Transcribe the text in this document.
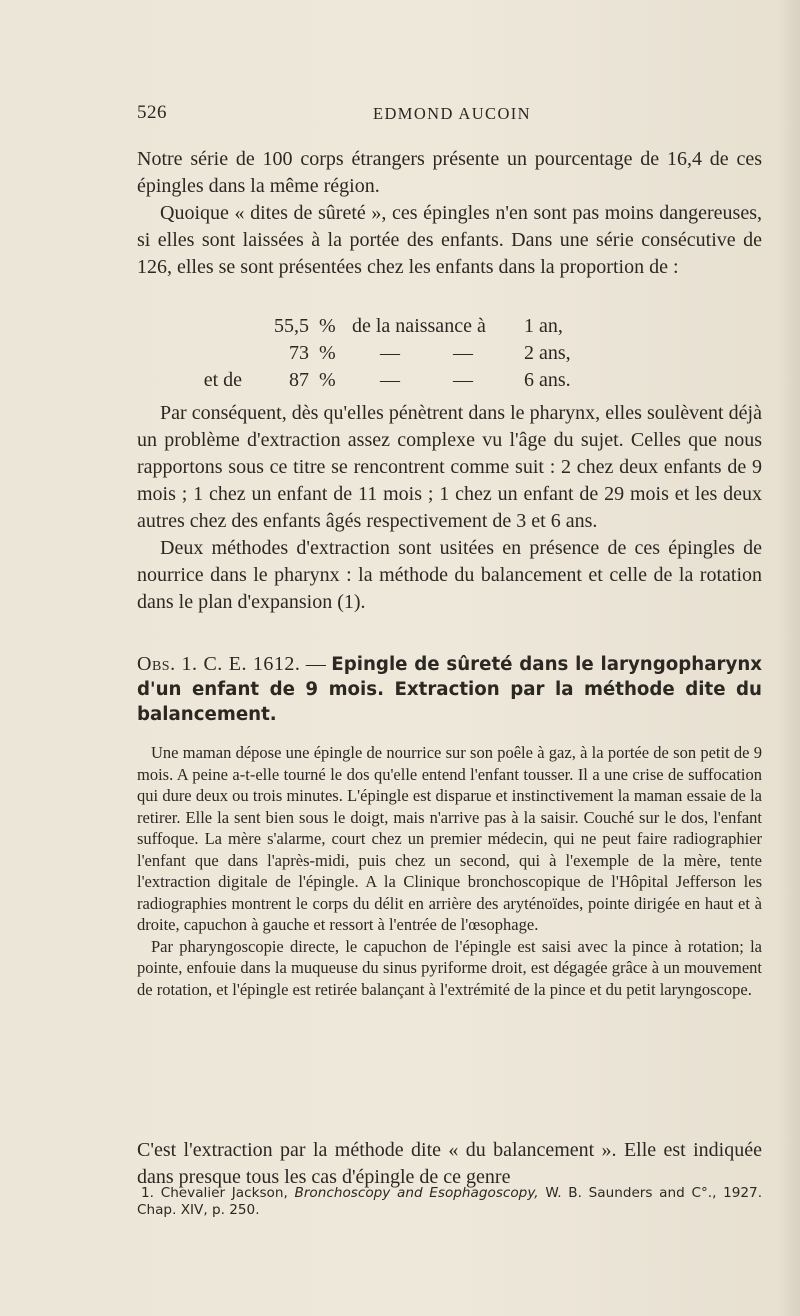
526	EDMOND AUCOIN

Notre série de 100 corps étrangers présente un pourcentage de 16,4 de ces épingles dans la même région.

Quoique « dites de sûreté », ces épingles n'en sont pas moins dangereuses, si elles sont laissées à la portée des enfants. Dans une série consécutive de 126, elles se sont présentées chez les enfants dans la proportion de :

55,5 % de la naissance à 1 an,
73 % —	—	2 ans,
et de	87 % —	—	6 ans.

Par conséquent, dès qu'elles pénètrent dans le pharynx, elles soulèvent déjà un problème d'extraction assez complexe vu l'âge du sujet. Celles que nous rapportons sous ce titre se rencontrent comme suit : 2 chez deux enfants de 9 mois ; 1 chez un enfant de 11 mois ; 1 chez un enfant de 29 mois et les deux autres chez des enfants âgés respectivement de 3 et 6 ans.

Deux méthodes d'extraction sont usitées en présence de ces épingles de nourrice dans le pharynx : la méthode du balancement et celle de la rotation dans le plan d'expansion (1).

Obs. 1. C. E. 1612. — Epingle de sûreté dans le laryngopharynx d'un enfant de 9 mois. Extraction par la méthode dite du balancement.

Une maman dépose une épingle de nourrice sur son poêle à gaz, à la portée de son petit de 9 mois. A peine a-t-elle tourné le dos qu'elle entend l'enfant tousser. Il a une crise de suffocation qui dure deux ou trois minutes. L'épingle est disparue et instinctivement la maman essaie de la retirer. Elle la sent bien sous le doigt, mais n'arrive pas à la saisir. Couché sur le dos, l'enfant suffoque. La mère s'alarme, court chez un premier médecin, qui ne peut faire radiographier l'enfant que dans l'après-midi, puis chez un second, qui à l'exemple de la mère, tente l'extraction digitale de l'épingle. A la Clinique bronchoscopique de l'Hôpital Jefferson les radiographies montrent le corps du délit en arrière des aryténoïdes, pointe dirigée en haut et à droite, capuchon à gauche et ressort à l'entrée de l'œsophage.

Par pharyngoscopie directe, le capuchon de l'épingle est saisi avec la pince à rotation; la pointe, enfouie dans la muqueuse du sinus pyriforme droit, est dégagée grâce à un mouvement de rotation, et l'épingle est retirée balançant à l'extrémité de la pince et du petit laryngoscope.

C'est l'extraction par la méthode dite « du balancement ». Elle est indiquée dans presque tous les cas d'épingle de ce genre

1. Chevalier Jackson, Bronchoscopy and Esophagoscopy, W. B. Saunders and C°., 1927. Chap. XIV, p. 250.
